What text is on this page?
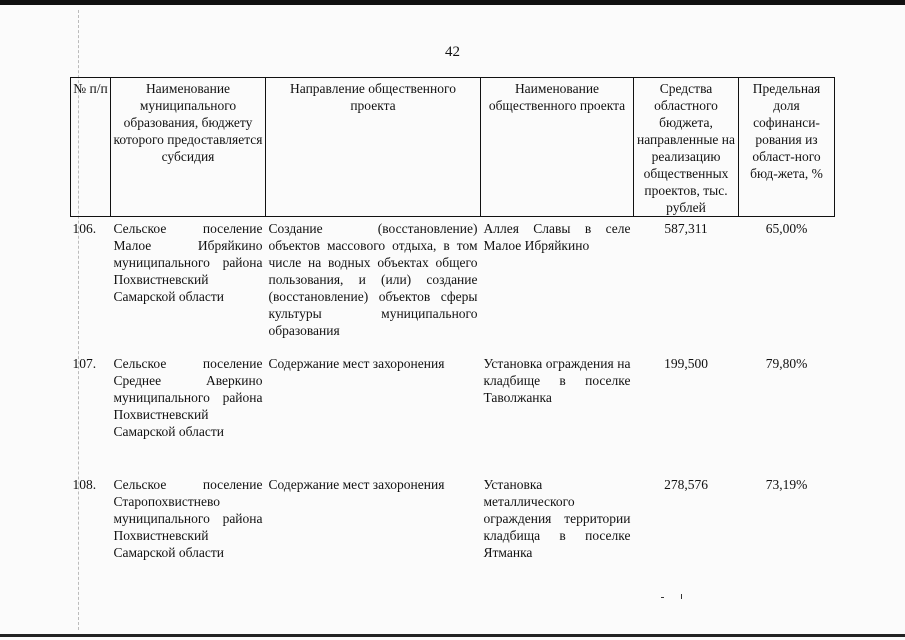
42
№ п/п	Наименование муниципального образования, бюджету которого предоставляется субсидия	Направление общественного проекта	Наименование общественного проекта	Средства областного бюджета, направленные на реализацию общественных проектов, тыс. рублей	Предельная доля софинанси-рования из област-ного бюд-жета, %
106.	Сельское поселение Малое Ибряйкино муниципального района Похвистневский Самарской области	Создание (восстановление) объектов массового отдыха, в том числе на водных объектах общего пользования, и (или) создание (восстановление) объектов сферы культуры муниципального образования	Аллея Славы в селе Малое Ибряйкино	587,311	65,00%
107.	Сельское поселение Среднее Аверкино муниципального района Похвистневский Самарской области	Содержание мест захоронения	Установка ограждения на кладбище в поселке Таволжанка	199,500	79,80%
108.	Сельское поселение Старопохвистнево муниципального района Похвистневский Самарской области	Содержание мест захоронения	Установка металлического ограждения территории кладбища в поселке Ятманка	278,576	73,19%
